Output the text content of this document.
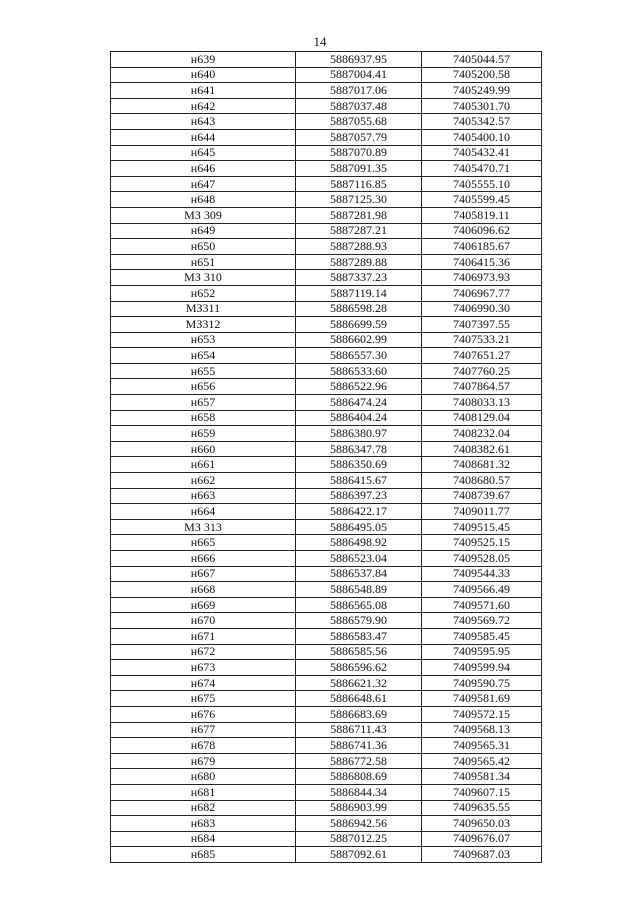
14
н639	5886937.95	7405044.57
н640	5887004.41	7405200.58
н641	5887017.06	7405249.99
н642	5887037.48	7405301.70
н643	5887055.68	7405342.57
н644	5887057.79	7405400.10
н645	5887070.89	7405432.41
н646	5887091.35	7405470.71
н647	5887116.85	7405555.10
н648	5887125.30	7405599.45
МЗ 309	5887281.98	7405819.11
н649	5887287.21	7406096.62
н650	5887288.93	7406185.67
н651	5887289.88	7406415.36
МЗ 310	5887337.23	7406973.93
н652	5887119.14	7406967.77
МЗ311	5886598.28	7406990.30
МЗ312	5886699.59	7407397.55
н653	5886602.99	7407533.21
н654	5886557.30	7407651.27
н655	5886533.60	7407760.25
н656	5886522.96	7407864.57
н657	5886474.24	7408033.13
н658	5886404.24	7408129.04
н659	5886380.97	7408232.04
н660	5886347.78	7408382.61
н661	5886350.69	7408681.32
н662	5886415.67	7408680.57
н663	5886397.23	7408739.67
н664	5886422.17	7409011.77
МЗ 313	5886495.05	7409515.45
н665	5886498.92	7409525.15
н666	5886523.04	7409528.05
н667	5886537.84	7409544.33
н668	5886548.89	7409566.49
н669	5886565.08	7409571.60
н670	5886579.90	7409569.72
н671	5886583.47	7409585.45
н672	5886585.56	7409595.95
н673	5886596.62	7409599.94
н674	5886621.32	7409590.75
н675	5886648.61	7409581.69
н676	5886683.69	7409572.15
н677	5886711.43	7409568.13
н678	5886741.36	7409565.31
н679	5886772.58	7409565.42
н680	5886808.69	7409581.34
н681	5886844.34	7409607.15
н682	5886903.99	7409635.55
н683	5886942.56	7409650.03
н684	5887012.25	7409676.07
н685	5887092.61	7409687.03
